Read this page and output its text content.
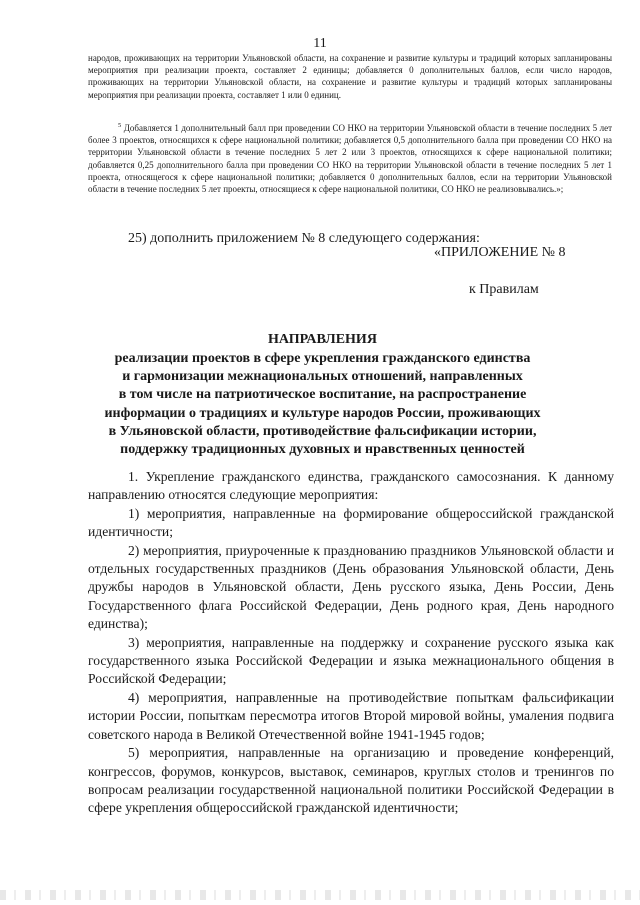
11
народов, проживающих на территории Ульяновской области, на сохранение и развитие культуры и традиций которых запланированы мероприятия при реализации проекта, составляет 2 единицы; добавляется 0 дополнительных баллов, если число народов, проживающих на территории Ульяновской области, на сохранение и развитие культуры и традиций которых запланированы мероприятия при реализации проекта, составляет 1 или 0 единиц.
$^5$ Добавляется 1 дополнительный балл при проведении СО НКО на территории Ульяновской области в течение последних 5 лет более 3 проектов, относящихся к сфере национальной политики; добавляется 0,5 дополнительного балла при проведении СО НКО на территории Ульяновской области в течение последних 5 лет 2 или 3 проектов, относящихся к сфере национальной политики; добавляется 0,25 дополнительного балла при проведении СО НКО на территории Ульяновской области в течение последних 5 лет 1 проекта, относящегося к сфере национальной политики; добавляется 0 дополнительных баллов, если на территории Ульяновской области в течение последних 5 лет проекты, относящиеся к сфере национальной политики, СО НКО не реализовывались.»;
25) дополнить приложением № 8 следующего содержания:
«ПРИЛОЖЕНИЕ № 8
к Правилам
НАПРАВЛЕНИЯ
реализации проектов в сфере укрепления гражданского единства
и гармонизации межнациональных отношений, направленных
в том числе на патриотическое воспитание, на распространение
информации о традициях и культуре народов России, проживающих
в Ульяновской области, противодействие фальсификации истории,
поддержку традиционных духовных и нравственных ценностей

1. Укрепление гражданского единства, гражданского самосознания. К данному направлению относятся следующие мероприятия:

1) мероприятия, направленные на формирование общероссийской гражданской идентичности;

2) мероприятия, приуроченные к празднованию праздников Ульяновской области и отдельных государственных праздников (День образования Ульяновской области, День дружбы народов в Ульяновской области, День русского языка, День России, День Государственного флага Российской Федерации, День родного края, День народного единства);

3) мероприятия, направленные на поддержку и сохранение русского языка как государственного языка Российской Федерации и языка межнационального общения в Российской Федерации;

4) мероприятия, направленные на противодействие попыткам фальсификации истории России, попыткам пересмотра итогов Второй мировой войны, умаления подвига советского народа в Великой Отечественной войне 1941-1945 годов;

5) мероприятия, направленные на организацию и проведение конференций, конгрессов, форумов, конкурсов, выставок, семинаров, круглых столов и тренингов по вопросам реализации государственной национальной политики Российской Федерации в сфере укрепления общероссийской гражданской идентичности;
